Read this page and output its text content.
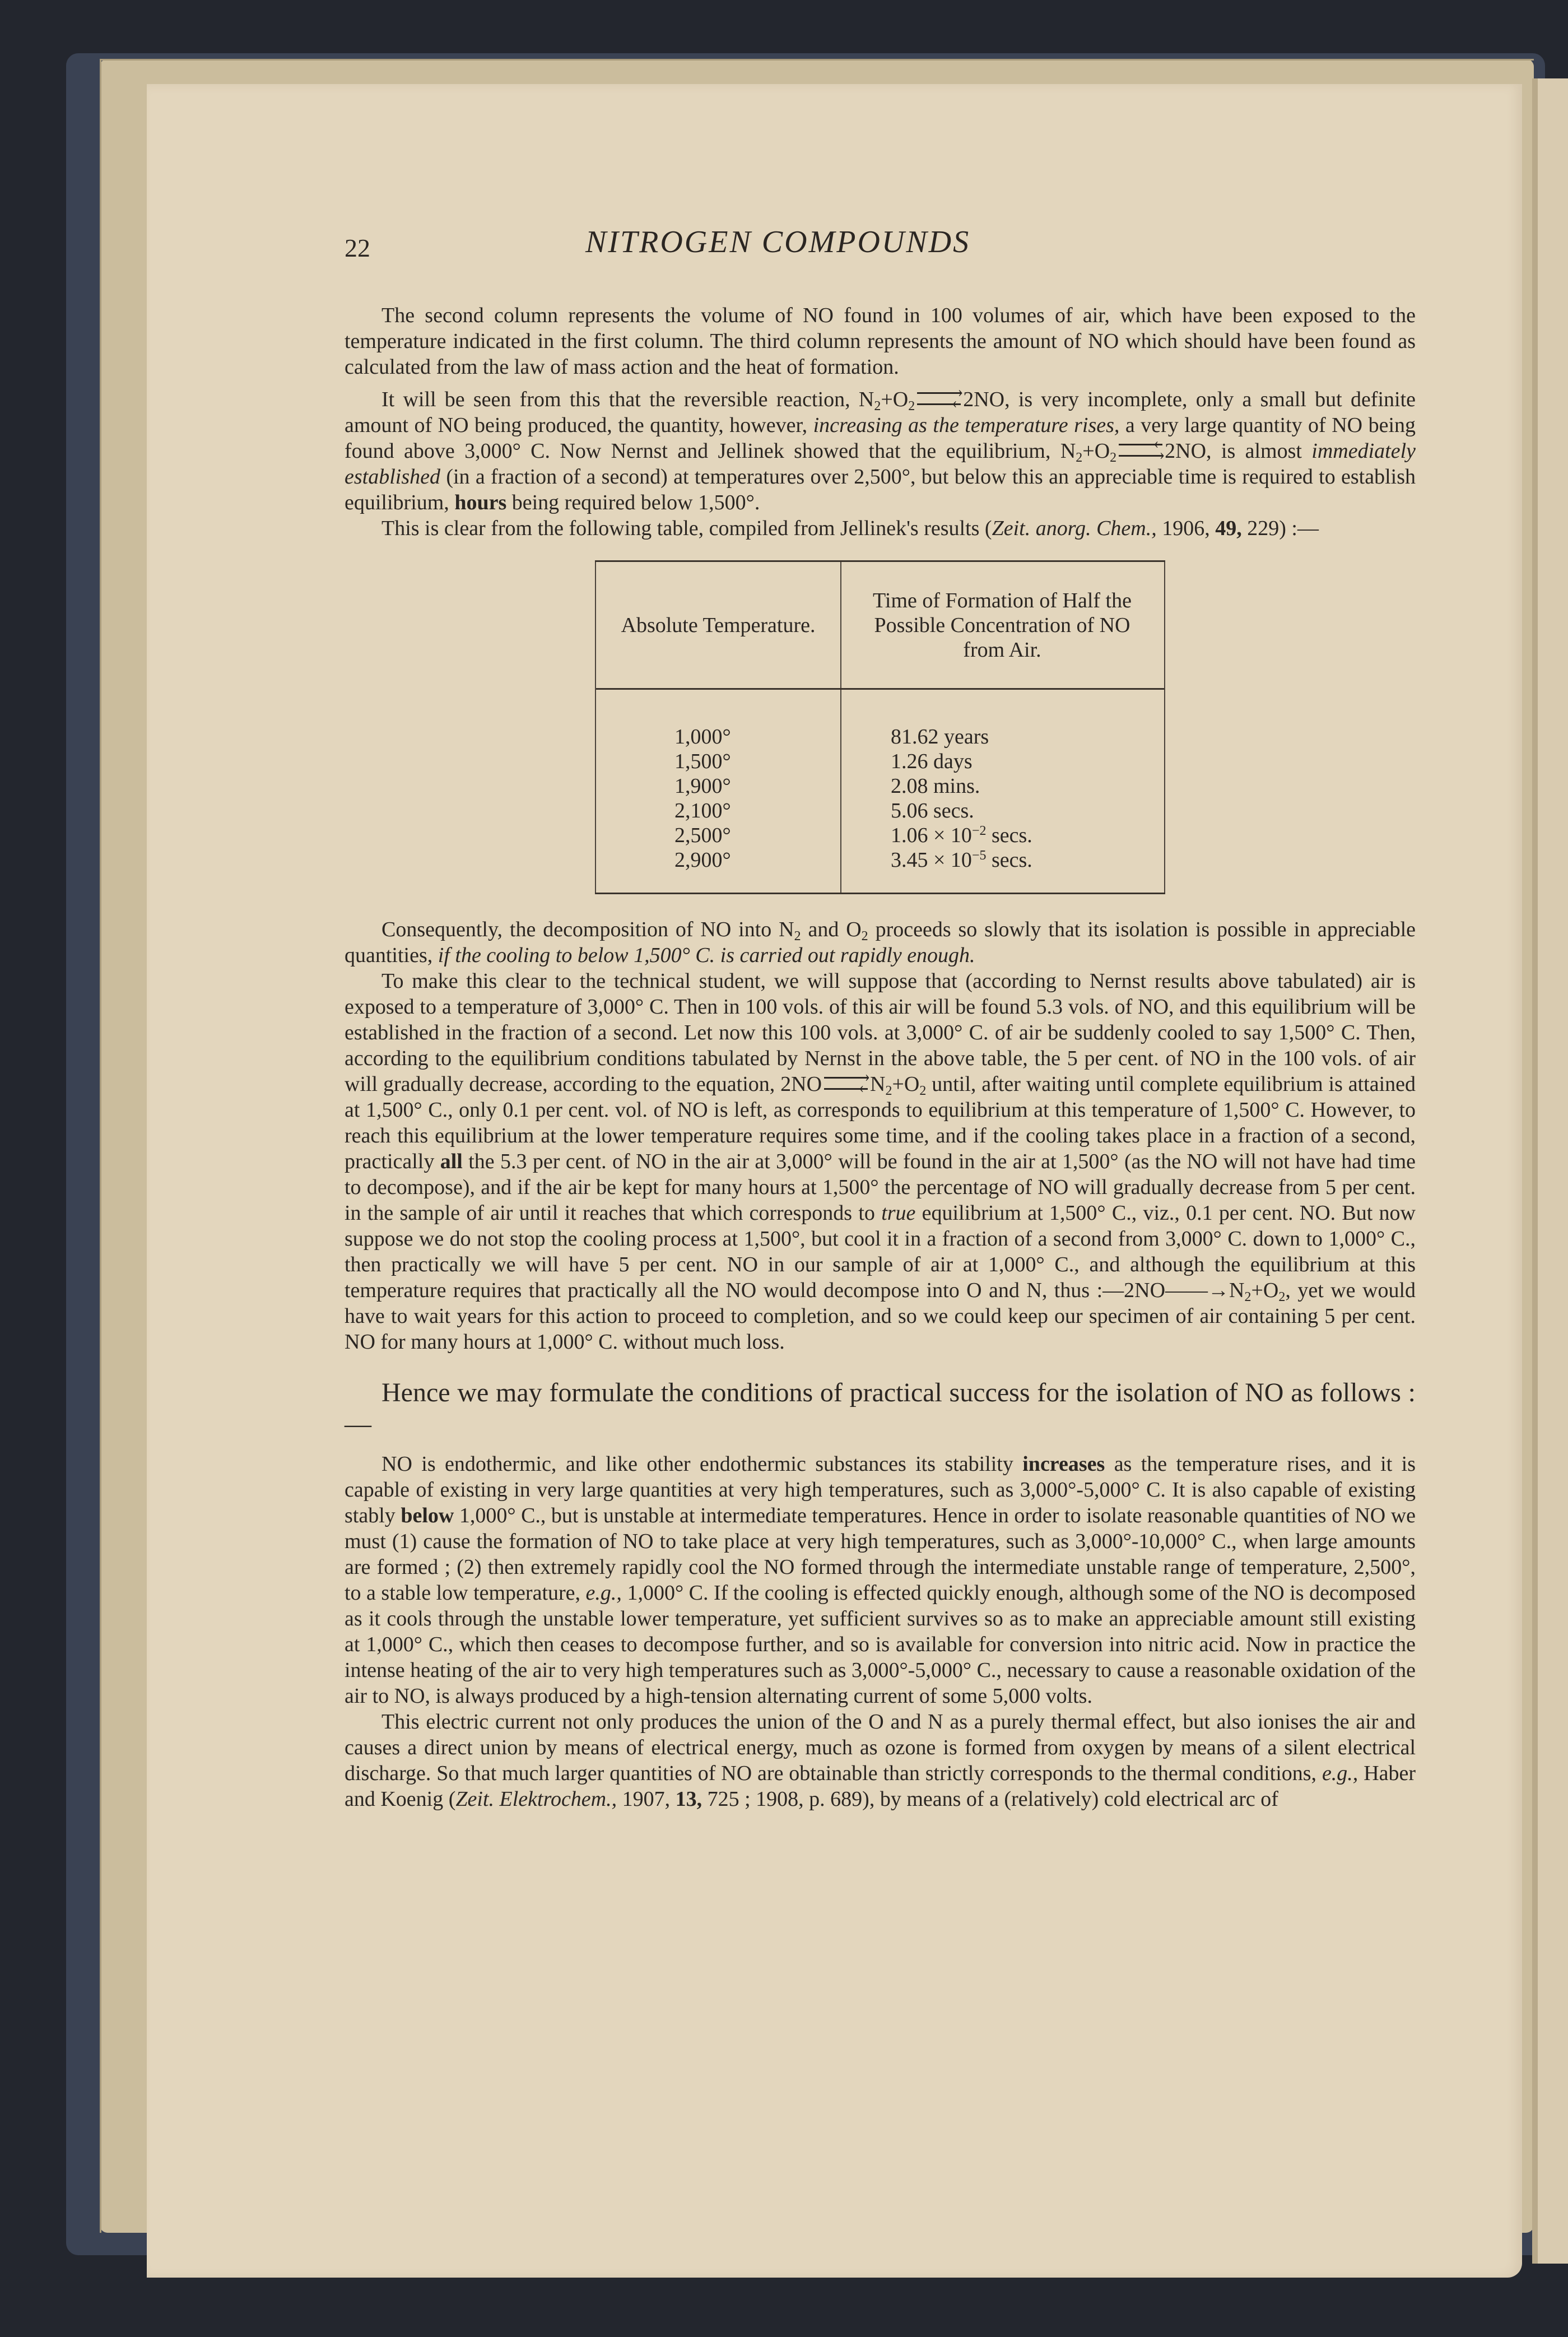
22	NITROGEN COMPOUNDS

The second column represents the volume of NO found in 100 volumes of air, which have been exposed to the temperature indicated in the first column. The third column represents the amount of NO which should have been found as calculated from the law of mass action and the heat of formation.

It will be seen from this that the reversible reaction, $N_2+O_2$
›
‹ 2NO, is very incomplete, only a small but definite amount of NO being produced, the quantity, however, increasing as the temperature rises, a very large quantity of NO being found above 3,000° C. Now Nernst and Jellinek showed that the equilibrium, $N_2+O_2$
‹
› 2NO, is almost immediately established (in a fraction of a second) at temperatures over 2,500°, but below this an appreciable time is required to establish equilibrium, hours being required below 1,500°.

This is clear from the following table, compiled from Jellinek's results (Zeit. anorg. Chem., 1906, 49, 229) :—

Absolute Temperature.
1,000°
1,500°
1,900°
2,100°
2,500°
2,900°
Time of Formation of Half the Possible Concentration of NO from Air.
81.62 years
1.26 days
2.08 mins.
5.06 secs.
$1.06 \times 10^{-2}$ secs.
$3.45 \times 10^{-5}$ secs.

Consequently, the decomposition of NO into $N_2$ and $O_2$ proceeds so slowly that its isolation is possible in appreciable quantities, if the cooling to below 1,500° C. is carried out rapidly enough.

To make this clear to the technical student, we will suppose that (according to Nernst results above tabulated) air is exposed to a temperature of 3,000° C. Then in 100 vols. of this air will be found 5.3 vols. of NO, and this equilibrium will be established in the fraction of a second. Let now this 100 vols. at 3,000° C. of air be suddenly cooled to say 1,500° C. Then, according to the equilibrium conditions tabulated by Nernst in the above table, the 5 per cent. of NO in the 100 vols. of air will gradually decrease, according to the equation, 2NO	›
‹ $N_2+O_2$ until, after waiting until complete equilibrium is attained at 1,500° C., only 0.1 per cent. vol. of NO is left, as corresponds to equilibrium at this temperature of 1,500° C. However, to reach this equilibrium at the lower temperature requires some time, and if the cooling takes place in a fraction of a second, practically all the 5.3 per cent. of NO in the air at 3,000° will be found in the air at 1,500° (as the NO will not have had time to decompose), and if the air be kept for many hours at 1,500° the percentage of NO will gradually decrease from 5 per cent. in the sample of air until it reaches that which corresponds to true equilibrium at 1,500° C., viz., 0.1 per cent. NO. But now suppose we do not stop the cooling process at 1,500°, but cool it in a fraction of a second from 3,000° C. down to 1,000° C., then practically we will have 5 per cent. NO in our sample of air at 1,000° C., and although the equilibrium at this temperature requires that practically all the NO would decompose into O and N, thus $:—2NO——\to N_2+O_2$, yet we would have to wait years for this action to proceed to completion, and so we could keep our specimen of air containing 5 per cent. NO for many hours at 1,000° C. without much loss.

Hence we may formulate the conditions of practical success for the isolation of NO as follows :—

NO is endothermic, and like other endothermic substances its stability increases as the temperature rises, and it is capable of existing in very large quantities at very high temperatures, such as 3,000°-5,000° C. It is also capable of existing stably below 1,000° C., but is unstable at intermediate temperatures. Hence in order to isolate reasonable quantities of NO we must (1) cause the formation of NO to take place at very high temperatures, such as 3,000°-10,000° C., when large amounts are formed ; (2) then extremely rapidly cool the NO formed through the intermediate unstable range of temperature, 2,500°, to a stable low temperature, e.g., 1,000° C. If the cooling is effected quickly enough, although some of the NO is decomposed as it cools through the unstable lower temperature, yet sufficient survives so as to make an appreciable amount still existing at 1,000° C., which then ceases to decompose further, and so is available for conversion into nitric acid. Now in practice the intense heating of the air to very high temperatures such as 3,000°-5,000° C., necessary to cause a reasonable oxidation of the air to NO, is always produced by a high-tension alternating current of some 5,000 volts.

This electric current not only produces the union of the O and N as a purely thermal effect, but also ionises the air and causes a direct union by means of electrical energy, much as ozone is formed from oxygen by means of a silent electrical discharge. So that much larger quantities of NO are obtainable than strictly corresponds to the thermal conditions, e.g., Haber and Koenig (Zeit. Elektrochem., 1907, 13, 725 ; 1908, p. 689), by means of a (relatively) cold electrical arc of
